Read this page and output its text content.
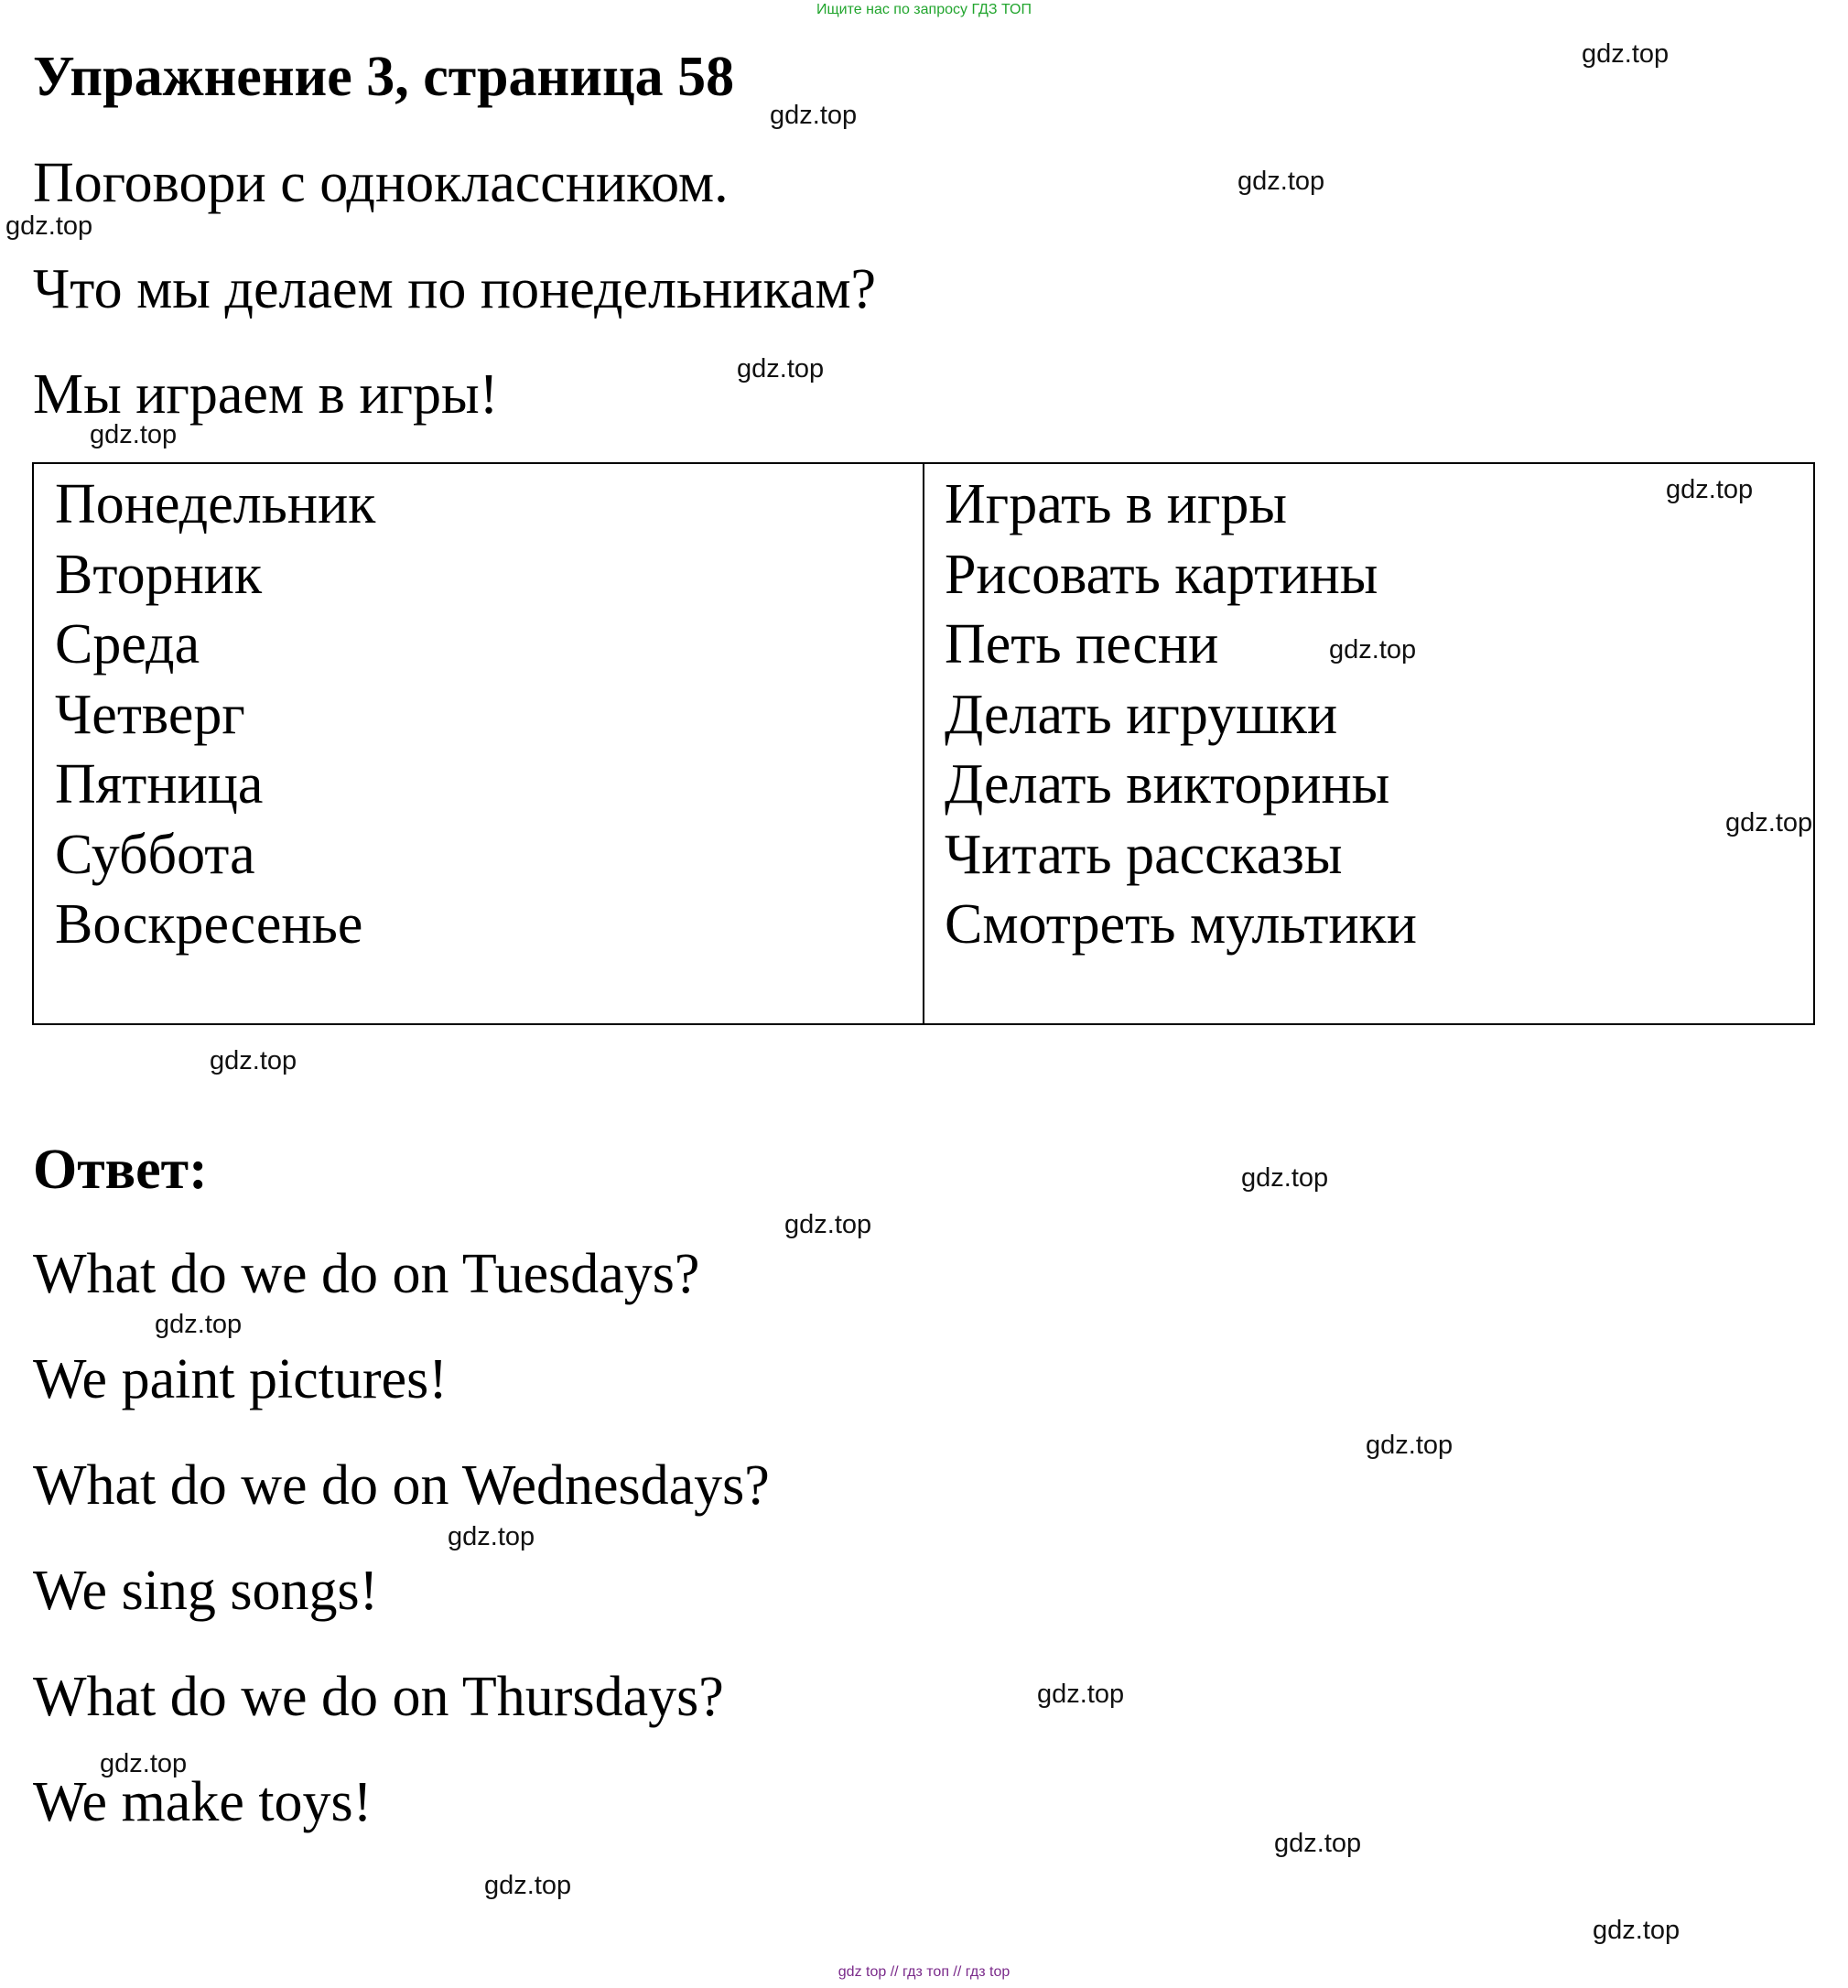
Ищите нас по запросу ГДЗ ТОП
Упражнение 3, страница 58
Поговори с одноклассником.
Что мы делаем по понедельникам?
Мы играем в игры!
Понедельник
Вторник
Среда
Четверг
Пятница
Суббота
Воскресенье
Играть в игры
Рисовать картины
Петь песни
Делать игрушки
Делать викторины
Читать рассказы
Смотреть мультики
Ответ:
What do we do on Tuesdays?
We paint pictures!
What do we do on Wednesdays?
We sing songs!
What do we do on Thursdays?
We make toys!
gdz.top
gdz.top
gdz.top
gdz.top
gdz.top
gdz.top
gdz.top
gdz.top
gdz.top
gdz.top
gdz.top
gdz.top
gdz.top
gdz.top
gdz.top
gdz.top
gdz.top
gdz.top
gdz.top
gdz.top
gdz top // гдз топ // гдз top
